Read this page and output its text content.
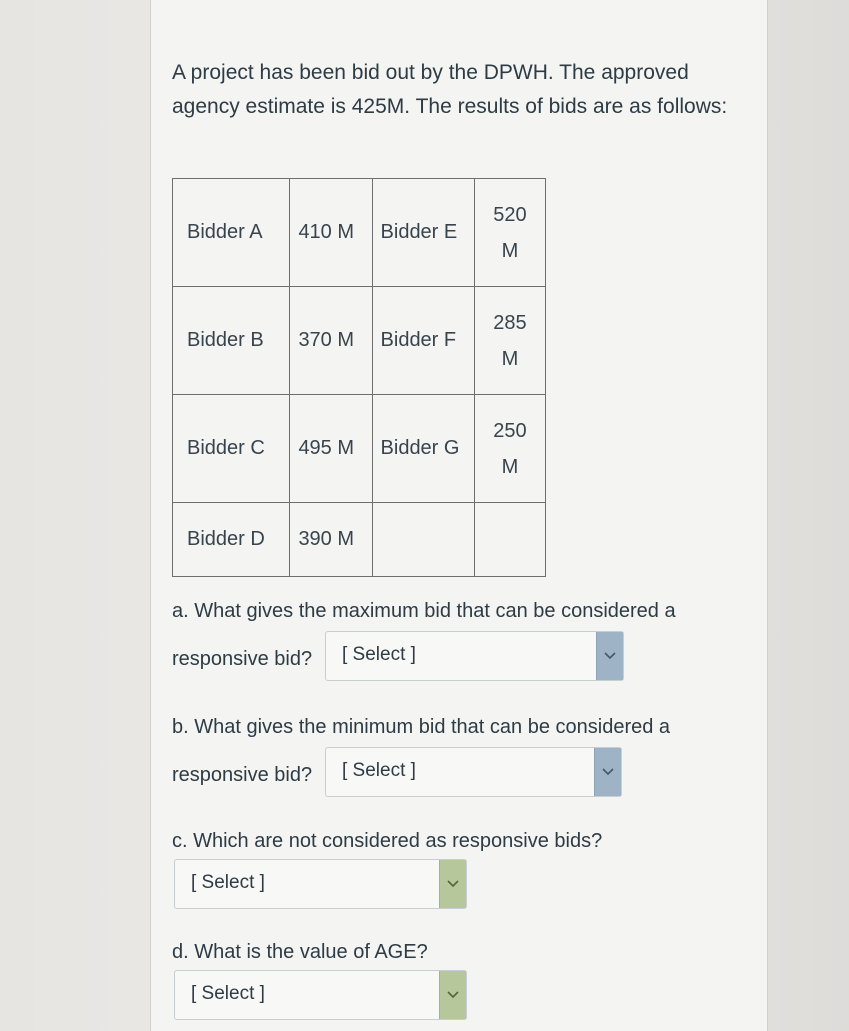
A project has been bid out by the DPWH. The approved agency estimate is 425M. The results of bids are as follows:

Bidder A	410 M	Bidder E	520
M
Bidder B	370 M	Bidder F	285
M
Bidder C	495 M	Bidder G	250
M
Bidder D	390 M		

a. What gives the maximum bid that can be considered a

responsive bid? [ Select ]

b. What gives the minimum bid that can be considered a

responsive bid? [ Select ]

c. Which are not considered as responsive bids?

[ Select ]

d. What is the value of AGE?

[ Select ]
